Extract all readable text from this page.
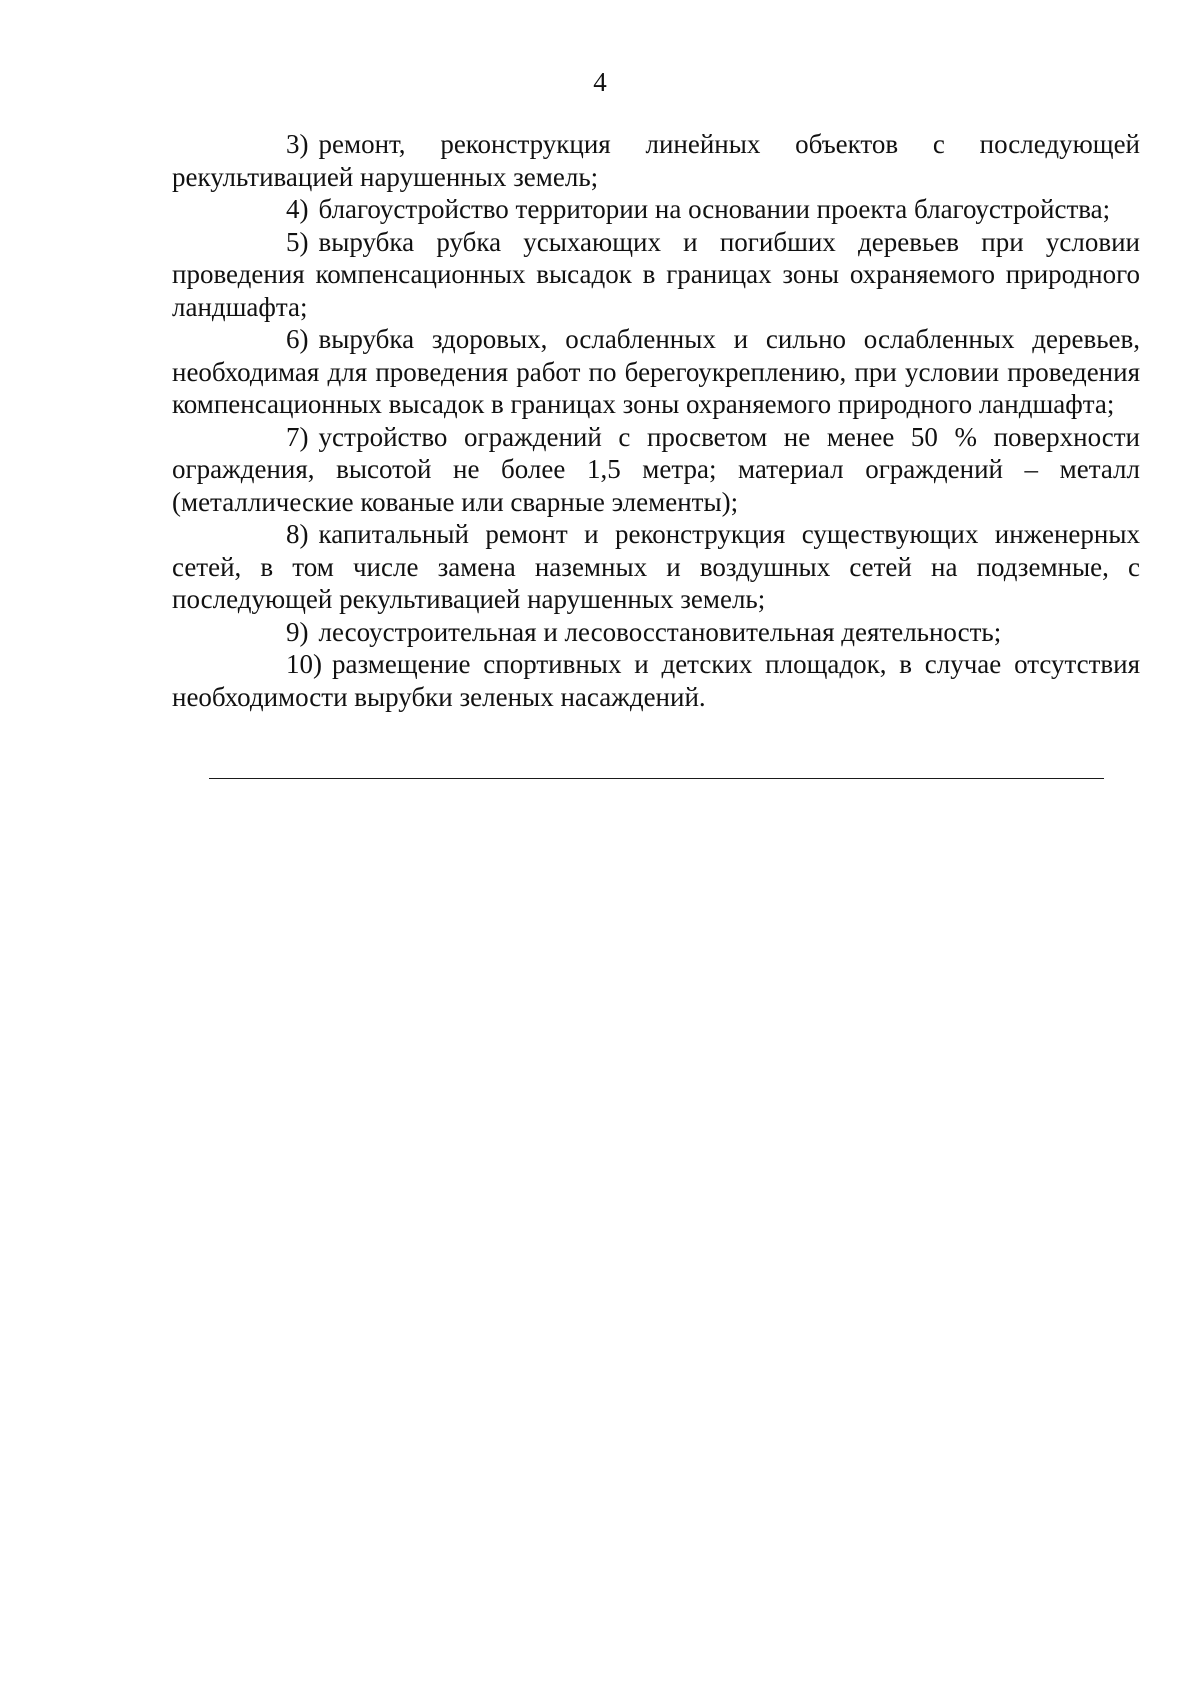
4

3) ремонт, реконструкция линейных объектов с последующей рекультивацией нарушенных земель;

4) благоустройство территории на основании проекта благоустройства;

5) вырубка рубка усыхающих и погибших деревьев при условии проведения компенсационных высадок в границах зоны охраняемого природного ландшафта;

6) вырубка здоровых, ослабленных и сильно ослабленных деревьев, необходимая для проведения работ по берегоукреплению, при условии проведения компенсационных высадок в границах зоны охраняемого природного ландшафта;

7) устройство ограждений с просветом не менее 50 % поверхности ограждения, высотой не более 1,5 метра; материал ограждений – металл (металлические кованые или сварные элементы);

8) капитальный ремонт и реконструкция существующих инженерных сетей, в том числе замена наземных и воздушных сетей на подземные, с последующей рекультивацией нарушенных земель;

9) лесоустроительная и лесовосстановительная деятельность;

10) размещение спортивных и детских площадок, в случае отсутствия необходимости вырубки зеленых насаждений.
